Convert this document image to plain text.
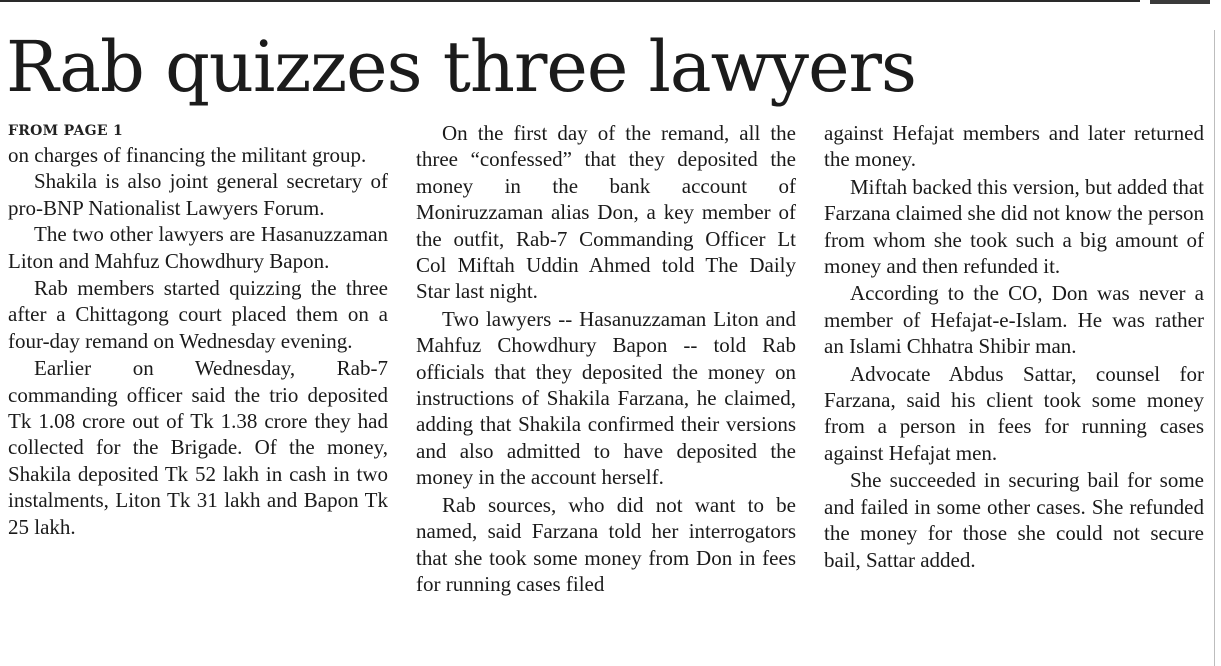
Rab quizzes three lawyers

FROM PAGE 1

on charges of financing the militant group.

Shakila is also joint general secretary of pro-BNP Nationalist Lawyers Forum.

The two other lawyers are Hasanuzzaman Liton and Mahfuz Chowdhury Bapon.

Rab members started quizzing the three after a Chittagong court placed them on a four-day remand on Wednesday evening.

Earlier on Wednesday, Rab-7 commanding officer said the trio deposited Tk 1.08 crore out of Tk 1.38 crore they had collected for the Brigade. Of the money, Shakila deposited Tk 52 lakh in cash in two instalments, Liton Tk 31 lakh and Bapon Tk 25 lakh.

On the first day of the remand, all the three “confessed” that they deposited the money in the bank account of Moniruzzaman alias Don, a key member of the outfit, Rab-7 Commanding Officer Lt Col Miftah Uddin Ahmed told The Daily Star last night.

Two lawyers -- Hasanuzzaman Liton and Mahfuz Chowdhury Bapon -- told Rab officials that they deposited the money on instructions of Shakila Farzana, he claimed, adding that Shakila confirmed their versions and also admitted to have deposited the money in the account herself.

Rab sources, who did not want to be named, said Farzana told her interrogators that she took some money from Don in fees for running cases filed

against Hefajat members and later returned the money.

Miftah backed this version, but added that Farzana claimed she did not know the person from whom she took such a big amount of money and then refunded it.

According to the CO, Don was never a member of Hefajat-e-Islam. He was rather an Islami Chhatra Shibir man.

Advocate Abdus Sattar, counsel for Farzana, said his client took some money from a person in fees for running cases against Hefajat men.

She succeeded in securing bail for some and failed in some other cases. She refunded the money for those she could not secure bail, Sattar added.
